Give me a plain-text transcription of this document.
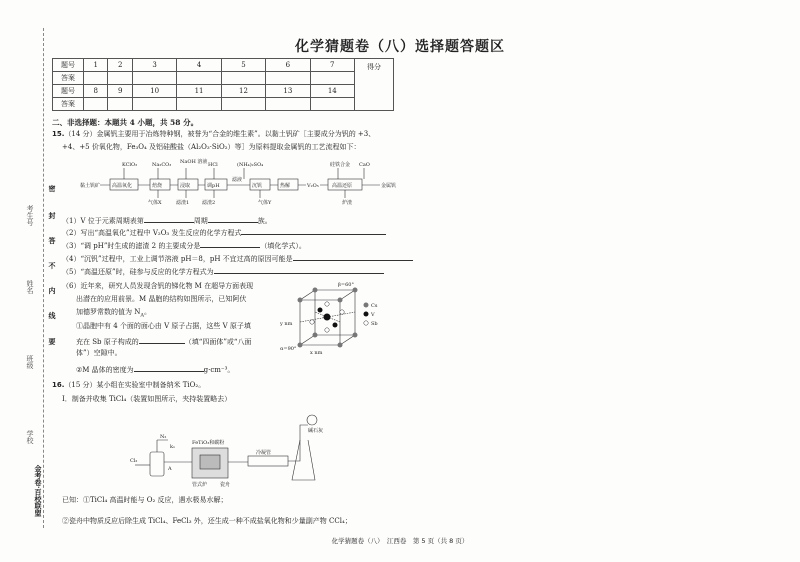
密
封
答
不
内
线
要
考生号
姓名
班级
学校
金考卷·百校联盟
化学猜题卷（八）选择题答题区
题号	1	2	3	4	5	6	7	得分
答案								
题号	8	9	10	11	12	13	14	
答案								
二、非选择题：本题共 4 小题，共 58 分。
15.（14 分）金属钒主要用于冶炼特种钢，被誉为“合金的维生素”。以黏土钒矿［主要成分为钒的 +3、
+4、+5 价氧化物，Fe₃O₄ 及铝硅酸盐（Al₂O₃·SiO₂）等］为原料提取金属钒的工艺流程如下：
KClO₃	Na₂CO₃ NaOH 溶液 HCl	(NH₄)₂SO₄	硅铁合金 CaO
黏土钒矿	V₂O₅	金属钒
滤液
气体X	滤渣1	滤渣2	气体Y	炉渣
高温氧化	焙烧	浸取	调pH	沉钒	热解	高温还原
（1）V 位于元素周期表第	周期	族。
（2）写出“高温氧化”过程中 V₂O₃ 发生反应的化学方程式
（3）“调 pH”时生成的滤渣 2 的主要成分是	（填化学式）。
（4）“沉钒”过程中，工业上调节溶液 pH＝8，pH 不宜过高的原因可能是
（5）“高温还原”时，硅参与反应的化学方程式为
（6）近年来，研究人员发现含钒的锑化物 M 在超导方面表现
出潜在的应用前景。M 晶胞的结构如图所示，已知阿伏
加德罗常数的值为 $N_A$。
①晶胞中有 4 个面的面心由 V 原子占据，这些 V 原子填
充在 Sb 原子构成的	（填“四面体”或“八面
体”）空隙中。
②M 晶体的密度为	g·cm⁻³。
β=60°
y nm
x nm
α=90°
Cs
V
Sb
16.（15 分）某小组在实验室中制备纳米 TiO₂。
Ⅰ．制备并收集 TiCl₄（装置如图所示，夹持装置略去）
Cl₂
N₂
k₁
A
FeTiO₃和碳粉
管式炉	瓷舟
冷凝管
碱石灰
已知：①TiCl₄ 高温时能与 O₂ 反应，遇水极易水解；
②瓷舟中物质反应后除生成 TiCl₄、FeCl₃ 外，还生成一种不成盐氧化物和少量副产物 CCl₄；
化学猜题卷（八）　江西卷　第 5 页（共 8 页）
